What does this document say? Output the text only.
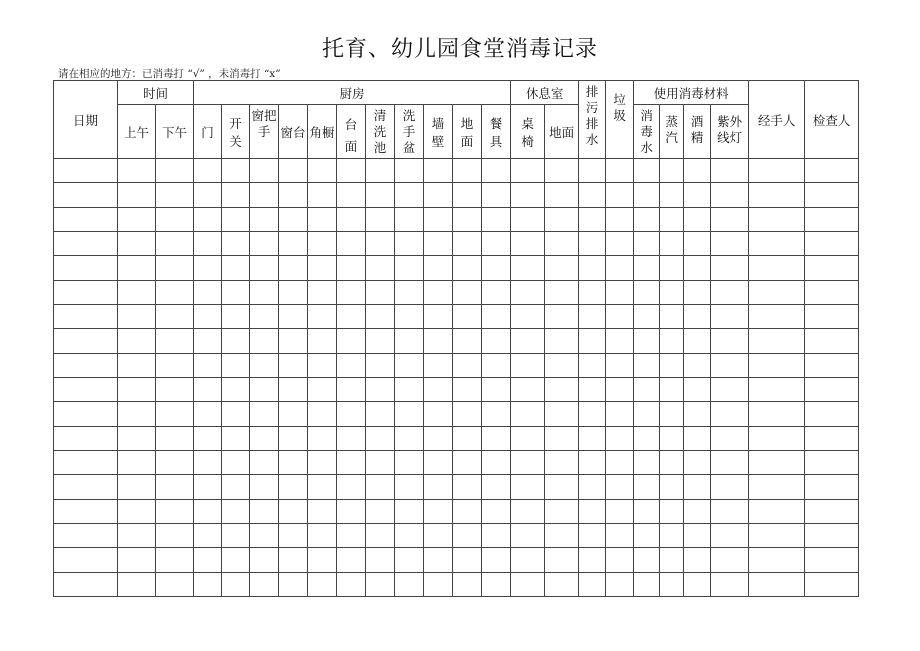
托育、幼儿园食堂消毒记录
请在相应的地方：已消毒打 “√” ，未消毒打 “x”
日期	时间		厨房											休息室		排污排水	垃圾	使用消毒材料				经手人	检查人
	上午	下午	门	开关	窗把手	窗台	角橱	台面	清洗池	洗手盆	墙壁	地面	餐具	桌椅	地面			消毒水	蒸汽	酒精	紫外线灯		
